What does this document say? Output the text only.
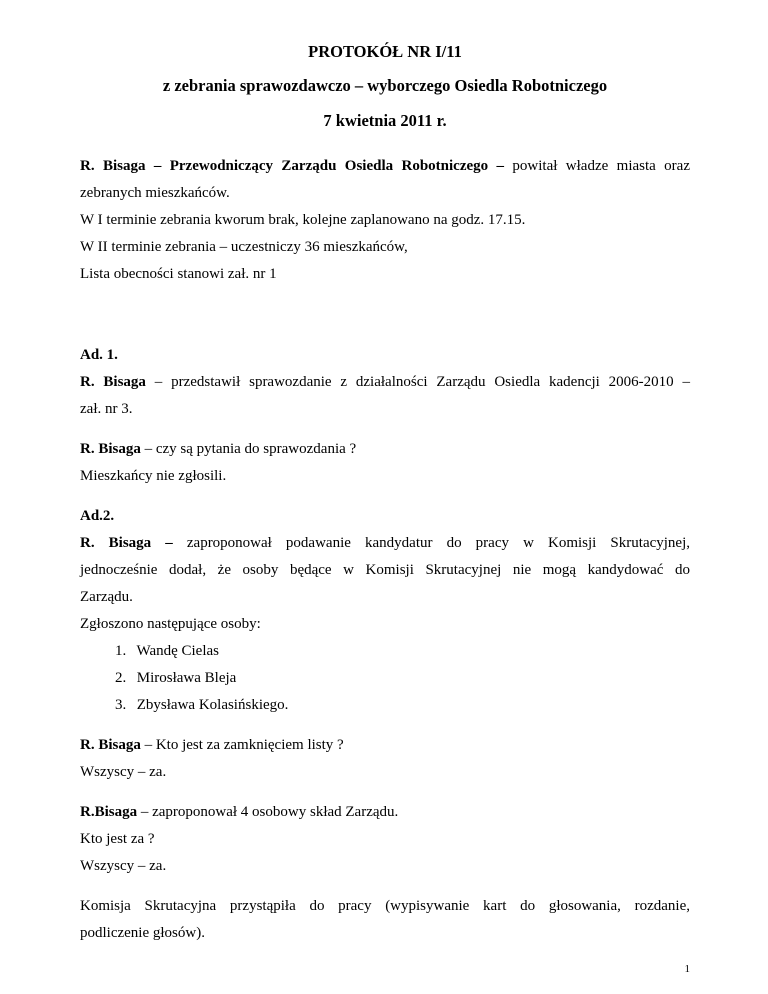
PROTOKÓŁ NR I/11
z zebrania sprawozdawczo – wyborczego Osiedla Robotniczego
7 kwietnia 2011 r.

R. Bisaga – Przewodniczący Zarządu Osiedla Robotniczego – powitał władze miasta oraz

zebranych mieszkańców.

W I terminie zebrania kworum brak, kolejne zaplanowano na godz. 17.15.

W II terminie zebrania – uczestniczy 36 mieszkańców,

Lista obecności stanowi zał. nr 1

Ad. 1.

R. Bisaga – przedstawił sprawozdanie z działalności Zarządu Osiedla kadencji 2006-2010 –

zał. nr 3.

R. Bisaga – czy są pytania do sprawozdania ?

Mieszkańcy nie zgłosili.

Ad.2.

R. Bisaga – zaproponował podawanie kandydatur do pracy w Komisji Skrutacyjnej,

jednocześnie dodał, że osoby będące w Komisji Skrutacyjnej nie mogą kandydować do

Zarządu.

Zgłoszono następujące osoby:

1. Wandę Cielas
2. Mirosława Bleja
3. Zbysława Kolasińskiego.

R. Bisaga – Kto jest za zamknięciem listy ?

Wszyscy – za.

R.Bisaga – zaproponował 4 osobowy skład Zarządu.

Kto jest za ?

Wszyscy – za.

Komisja Skrutacyjna przystąpiła do pracy (wypisywanie kart do głosowania, rozdanie,

podliczenie głosów).

1
